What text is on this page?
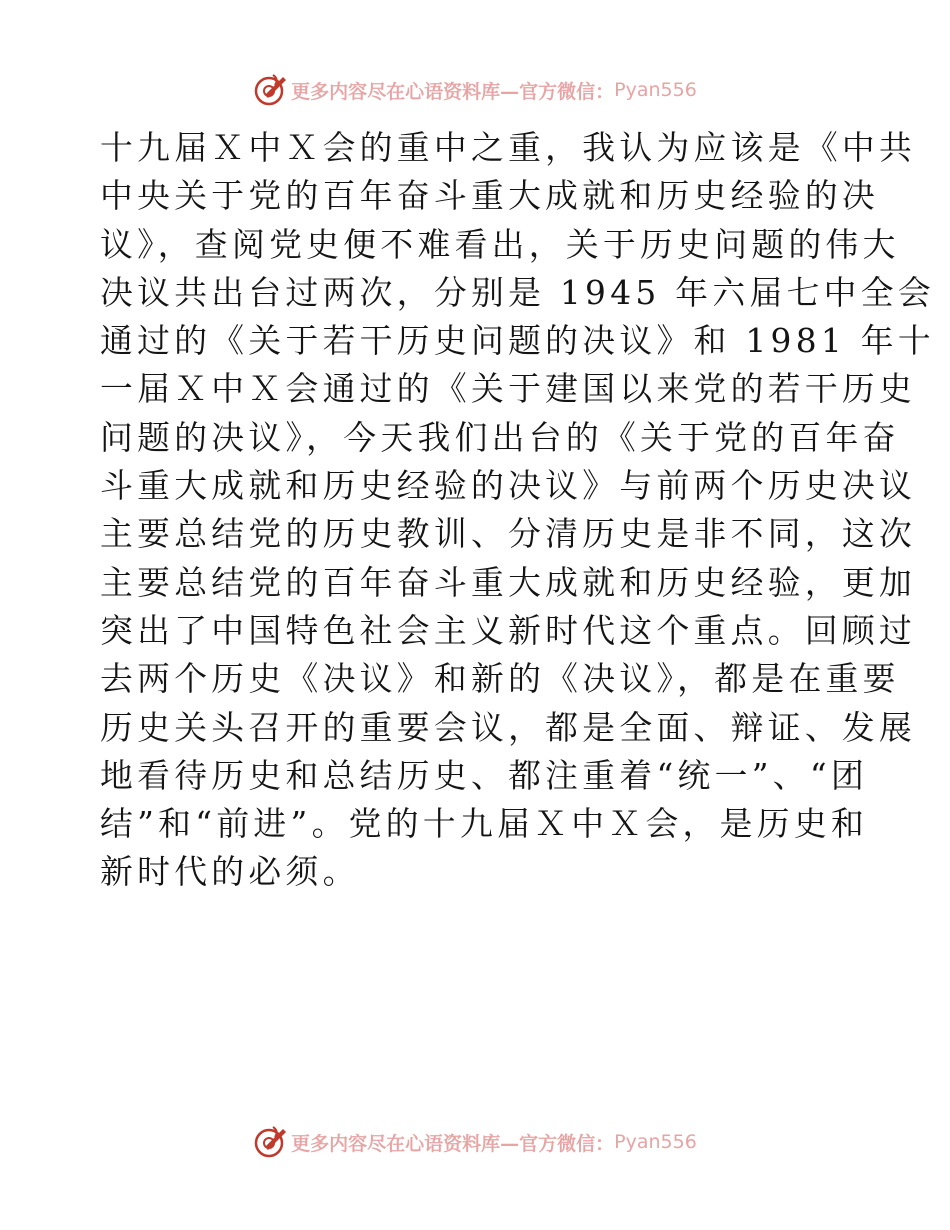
更多内容尽在心语资料库—官方微信： Pyan556
十九届Ｘ中Ｘ会的重中之重，我认为应该是《中共
中央关于党的百年奋斗重大成就和历史经验的决
议》，查阅党史便不难看出，关于历史问题的伟大
决议共出台过两次，分别是 1945 年六届七中全会
通过的《关于若干历史问题的决议》和 1981 年十
一届Ｘ中Ｘ会通过的《关于建国以来党的若干历史
问题的决议》，今天我们出台的《关于党的百年奋
斗重大成就和历史经验的决议》与前两个历史决议
主要总结党的历史教训、分清历史是非不同，这次
主要总结党的百年奋斗重大成就和历史经验，更加
突出了中国特色社会主义新时代这个重点。回顾过
去两个历史《决议》和新的《决议》，都是在重要
历史关头召开的重要会议，都是全面、辩证、发展
地看待历史和总结历史、都注重着“统一”、“团
结”和“前进”。党的十九届Ｘ中Ｘ会，是历史和
新时代的必须。
更多内容尽在心语资料库—官方微信： Pyan556
